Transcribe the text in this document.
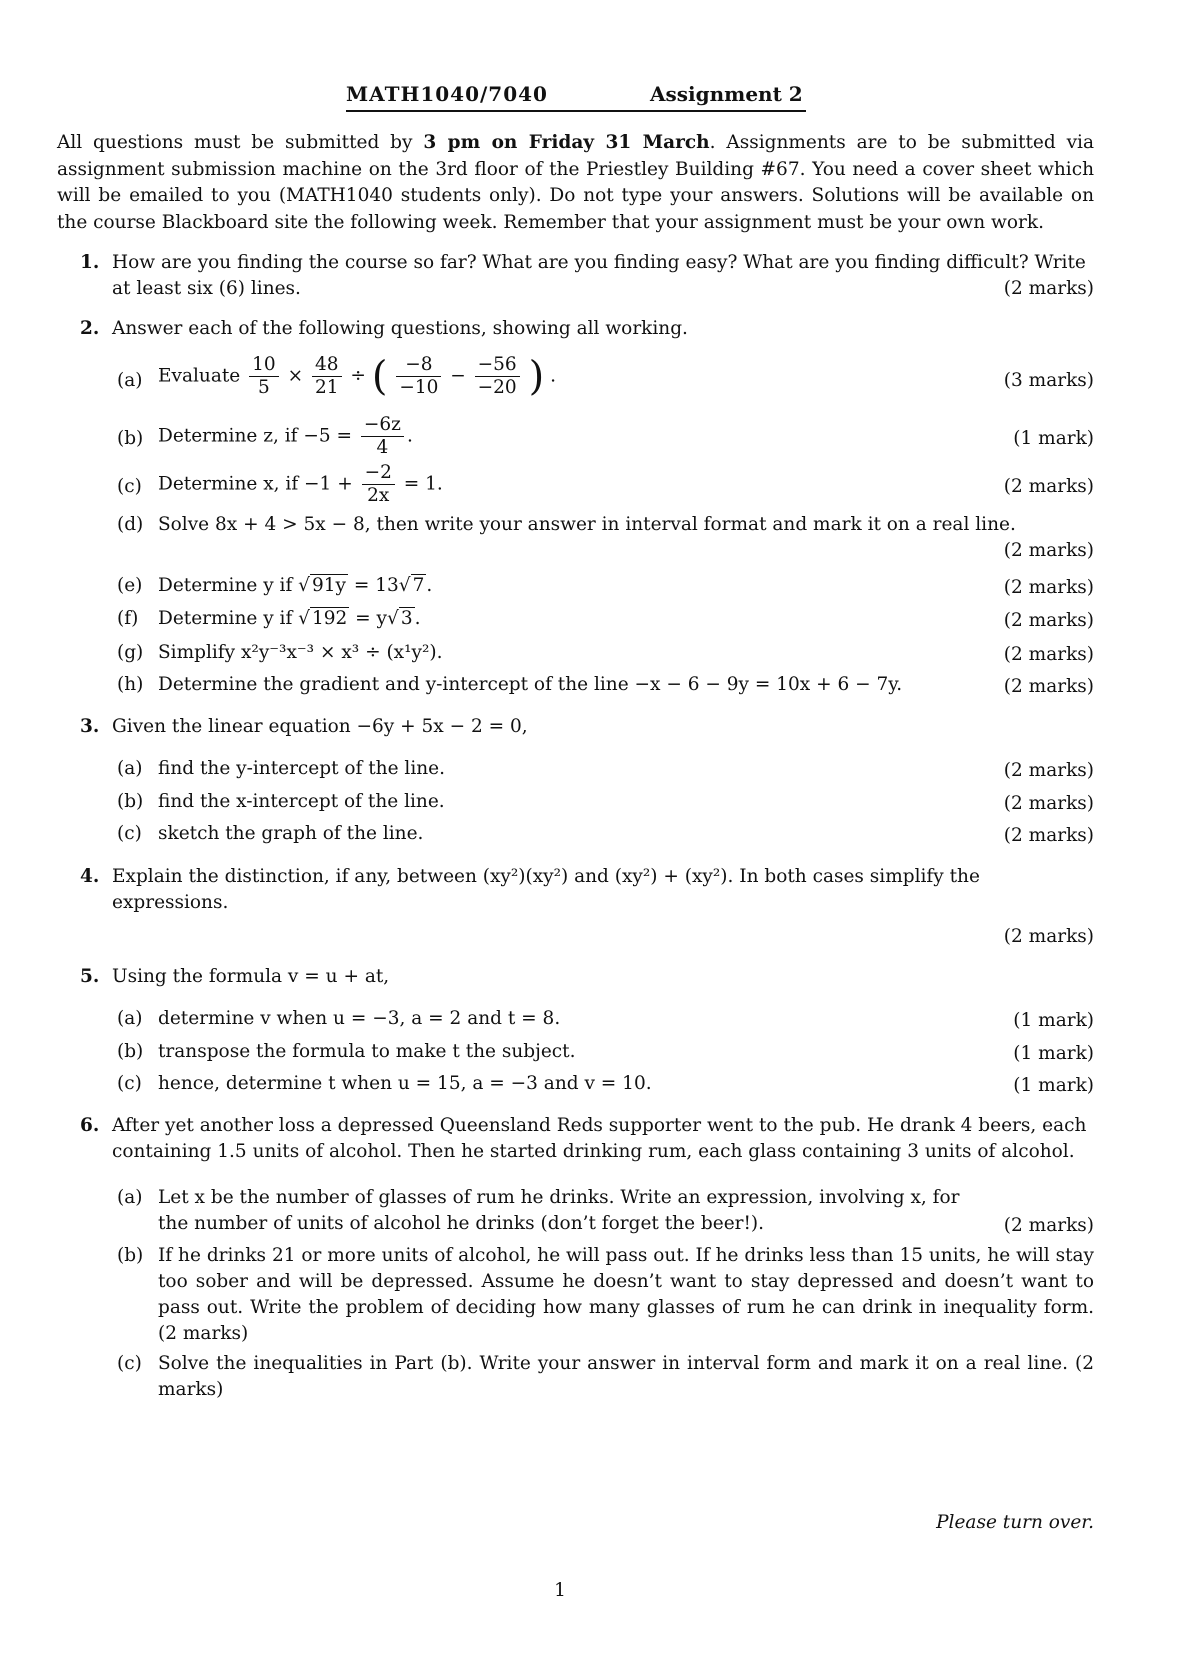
MATH1040/7040	Assignment 2
All questions must be submitted by 3 pm on Friday 31 March. Assignments are to be submitted via assignment submission machine on the 3rd floor of the Priestley Building #67. You need a cover sheet which will be emailed to you (MATH1040 students only). Do not type your answers. Solutions will be available on the course Blackboard site the following week. Remember that your assignment must be your own work.
1. How are you finding the course so far? What are you finding easy? What are you finding difficult? Write at least six (6) lines.	(2 marks)
2. Answer each of the following questions, showing all working.
(a) Evaluate $\frac{10}{5} \times \frac{48}{21}$ ÷ ( $\frac{-8}{-10} - \frac{-56}{-20}$ ) .	(3 marks)
(b) Determine z, if $-5 = \frac{-6z}{4}$ .	(1 mark)
(c) Determine x, if $-1 + \frac{-2}{2x} = 1$.	(2 marks)
(d) Solve 8x + 4 > 5x − 8, then write your answer in interval format and mark it on a real line.
(2 marks)
(e) Determine y if √ 91y = 13√ 7 .	(2 marks)
(f) Determine y if √ 192 = y√ 3 .	(2 marks)
(g) Simplify x²y⁻³x⁻³ × x³ ÷ (x¹y²).	(2 marks)
(h) Determine the gradient and y-intercept of the line −x − 6 − 9y = 10x + 6 − 7y.	(2 marks)
3. Given the linear equation −6y + 5x − 2 = 0,
(a) find the y-intercept of the line.	(2 marks)
(b) find the x-intercept of the line.	(2 marks)
(c) sketch the graph of the line.	(2 marks)
4. Explain the distinction, if any, between (xy²)(xy²) and (xy²) + (xy²). In both cases simplify the expressions.
(2 marks)
5. Using the formula v = u + at,
(a) determine v when u = −3, a = 2 and t = 8.	(1 mark)
(b) transpose the formula to make t the subject.	(1 mark)
(c) hence, determine t when u = 15, a = −3 and v = 10.	(1 mark)
6. After yet another loss a depressed Queensland Reds supporter went to the pub. He drank 4 beers, each containing 1.5 units of alcohol. Then he started drinking rum, each glass containing 3 units of alcohol.
(a) Let x be the number of glasses of rum he drinks. Write an expression, involving x, for the number of units of alcohol he drinks (don’t forget the beer!).	(2 marks)
(b) If he drinks 21 or more units of alcohol, he will pass out. If he drinks less than 15 units, he will stay too sober and will be depressed. Assume he doesn’t want to stay depressed and doesn’t want to pass out. Write the problem of deciding how many glasses of rum he can drink in inequality form. (2 marks)
(c) Solve the inequalities in Part (b). Write your answer in interval form and mark it on a real line. (2 marks)
Please turn over.
1
